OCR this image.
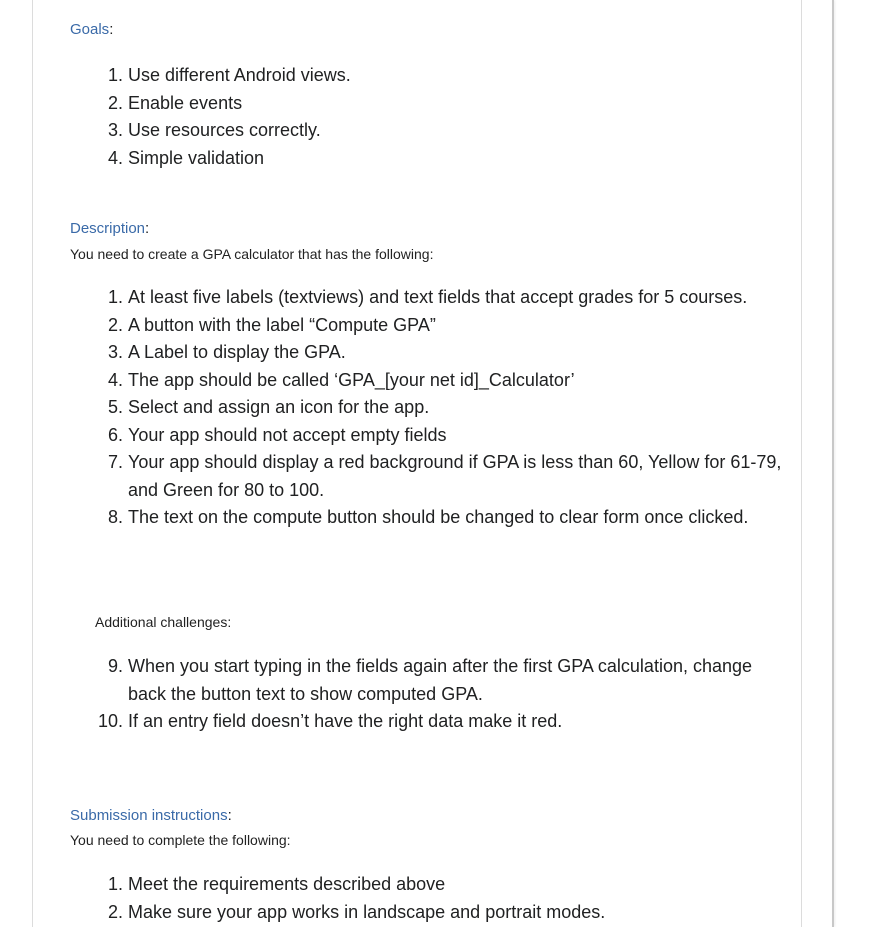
Goals:
1. Use different Android views.
2. Enable events
3. Use resources correctly.
4. Simple validation
Description:
You need to create a GPA calculator that has the following:
1. At least five labels (textviews) and text fields that accept grades for 5 courses.
2. A button with the label “Compute GPA”
3. A Label to display the GPA.
4. The app should be called ‘GPA_[your net id]_Calculator’
5. Select and assign an icon for the app.
6. Your app should not accept empty fields
7. Your app should display a red background if GPA is less than 60, Yellow for 61-79, and Green for 80 to 100.
8. The text on the compute button should be changed to clear form once clicked.
Additional challenges:
9. When you start typing in the fields again after the first GPA calculation, change back the button text to show computed GPA.
10. If an entry field doesn’t have the right data make it red.
Submission instructions:
You need to complete the following:
1. Meet the requirements described above
2. Make sure your app works in landscape and portrait modes.
